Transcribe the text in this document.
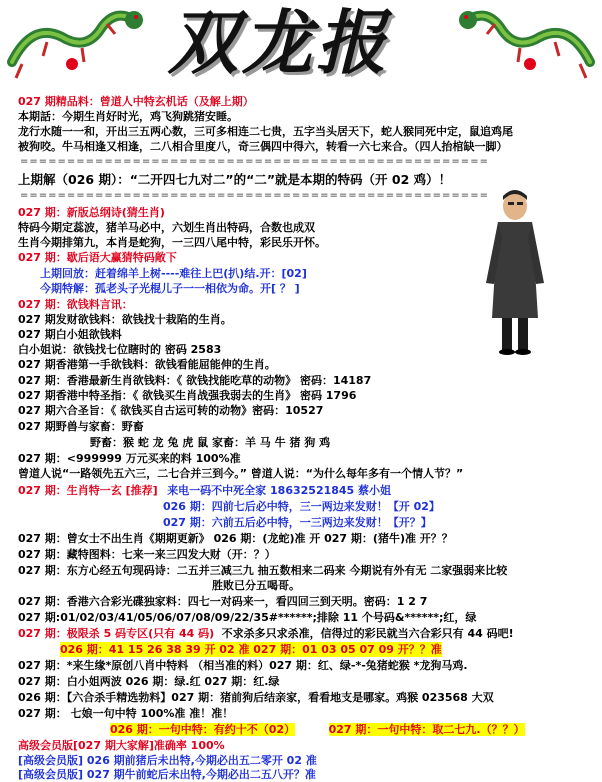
双龙报
027 期精品料：曾道人中特玄机话（及解上期）
本期話：今期生肖好时光，鸡飞狗跳猪安睡。
龙行水随一一和，开出三五两心数，三可多相连二七贵，五字当头居天下，蛇人猴同死中定，鼠追鸡尾
被狗咬。牛马相逢又相逢，二八相合里度八，奇三偶四中得六，转看一六七来合。（四人抬棺缺一脚）
==================================================
上期解（026 期）：“二开四七九对二”的“二”就是本期的特码（开 02 鸡）！
==================================================
027 期：新版总纲诗(猜生肖)
特码今期定蕊波，猪羊马必中，六划生肖出特码，合数也成双
生肖今期排第九，本肖是蛇狗，一三四八尾中特，彩民乐开怀。
027 期：歇后语大赢猜特码敞下
上期回放：赶着绵羊上树----难往上巴(扒)结.开：[02]
今期特解：孤老头子光棍儿子一一相依为命。开[ ？ ]
027 期：欲钱料言讯：
027 期发财欲钱料：欲钱找十栽陷的生肖。
027 期白小姐欲钱料
白小姐说：欲钱找七位瞎时的 密码 2583
027 期香港第一手欲钱料：欲钱看能屈能伸的生肖。
027 期：香港最新生肖欲钱料：《 欲钱找能吃草的动物》 密码：14187
027 期香港中特圣指：《 欲钱买生肖战强我弱去的生肖》 密码 1796
027 期六合圣旨：《 欲钱买自古运可转的动物》密码：10527
027 期野兽与家畜：野畜
野畜：猴 蛇 龙 兔 虎 鼠 家畜：羊 马 牛 猪 狗 鸡
027 期：<999999 万元买来的料 100%准
曾道人说“一路领先五六三，二七合并三到今。” 曾道人说：“为什么每年多有一个情人节？”
027 期：生肖特一玄 [推荐] 来电一码不中死全家 18632521845 蔡小姐
026 期：四前七后必中特，三一两边来发财！【开 02】
027 期：六前五后必中特，一三两边来发财！【开？】
027 期：曾女士不出生肖《期期更新》 026 期：(龙蛇)准 开 027 期：(猪牛)准 开？？
027 期：藏特图料：七来一来三四发大财（开：？）
027 期：东方心经五句现码诗：二五并三减三九 抽五数相来二码来 今期说有外有无 二家强弱来比较
胜败已分五喝哥。
027 期：香港六合彩光碟独家料：四七一对码来一，看四回三到天明。密码：1 2 7
027 期:01/02/03/41/05/06/07/08/09/22/35#******;排除 11 个号码&******;红，绿
027 期：极限杀 5 码专区(只有 44 码) 不求杀多只求杀准，信得过的彩民就当六合彩只有 44 码吧!
026 期：41 15 26 38 39 开 02 准 027 期：01 03 05 07 09 开？？准
027 期：*来生缘*原创八肖中特料 （相当准的料）027 期：红、绿-*-兔猪蛇猴 *龙狗马鸡.
027 期：白小姐两波 026 期：绿.红 027 期：红.绿
026 期：【六合杀手精选勃料】027 期：猪前狗后结亲家，看看地支是哪家。鸡猴 023568 大双
027 期： 七娘一句中特 100%准 准！准！
026 期：一句中特：有约十不（02）	027 期：一句中特：取二七九.（？？）
高级会员版[027 期大家解]准确率 100%
[高级会员版] 026 期前猪后未出特,今期必出五二零开 02 准
[高级会员版] 027 期牛前蛇后未出特,今期必出二五八开？准
